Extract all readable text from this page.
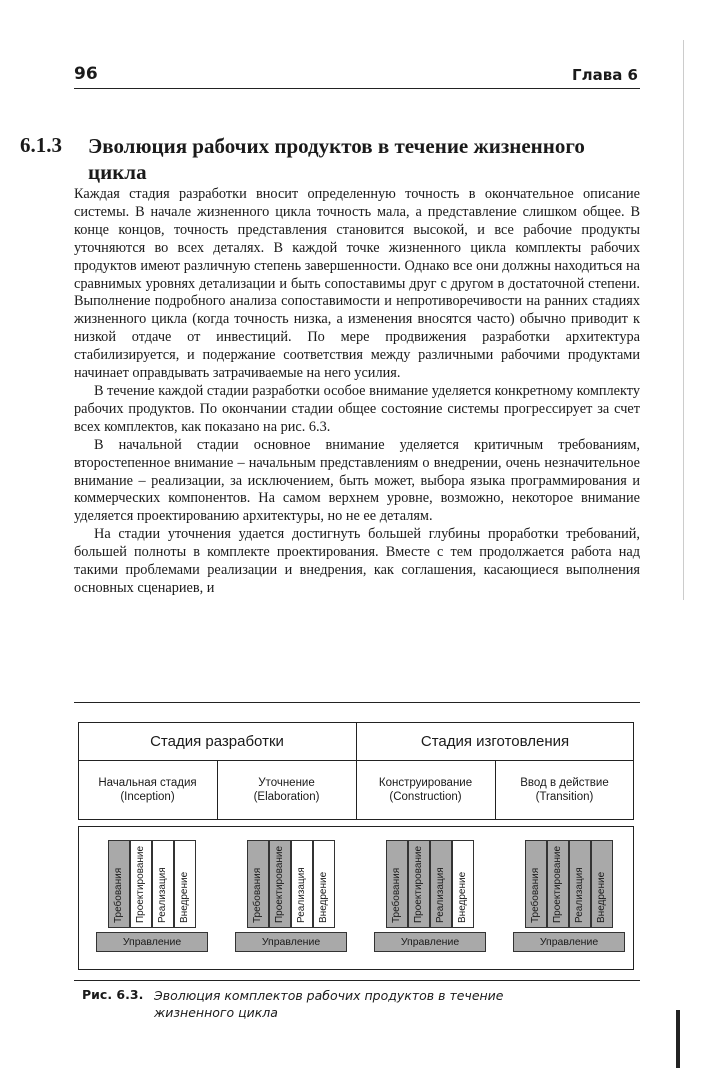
96	Глава 6
6.1.3 Эволюция рабочих продуктов в течение жизненного цикла

Каждая стадия разработки вносит определенную точность в окончательное описание системы. В начале жизненного цикла точность мала, а представление слишком общее. В конце концов, точность представления становится высокой, и все рабочие продукты уточняются во всех деталях. В каждой точке жизненного цикла комплекты рабочих продуктов имеют различную степень завершенности. Однако все они должны находиться на сравнимых уровнях детализации и быть сопоставимы друг с другом в достаточной степени. Выполнение подробного анализа сопоставимости и непротиворечивости на ранних стадиях жизненного цикла (когда точность низка, а изменения вносятся часто) обычно приводит к низкой отдаче от инвестиций. По мере продвижения разработки архитектура стабилизируется, и подержание соответствия между различными рабочими продуктами начинает оправдывать затрачиваемые на него усилия.

В течение каждой стадии разработки особое внимание уделяется конкретному комплекту рабочих продуктов. По окончании стадии общее состояние системы прогрессирует за счет всех комплектов, как показано на рис. 6.3.

В начальной стадии основное внимание уделяется критичным требованиям, второстепенное внимание – начальным представлениям о внедрении, очень незначительное внимание – реализации, за исключением, быть может, выбора языка программирования и коммерческих компонентов. На самом верхнем уровне, возможно, некоторое внимание уделяется проектированию архитектуры, но не ее деталям.

На стадии уточнения удается достигнуть большей глубины проработки требований, большей полноты в комплекте проектирования. Вместе с тем продолжается работа над такими проблемами реализации и внедрения, как соглашения, касающиеся выполнения основных сценариев, и

Стадия разработки	Стадия изготовления
Начальная стадия
(Inception)
Уточнение
(Elaboration)
Конструирование
(Construction)
Ввод в действие
(Transition)
Требования Проектирование Реализация Внедрение
Управление
Требования Проектирование Реализация Внедрение
Управление
Требования Проектирование Реализация Внедрение
Управление
Требования Проектирование Реализация Внедрение
Управление
Рис. 6.3. Эволюция комплектов рабочих продуктов в течение жизненного цикла
